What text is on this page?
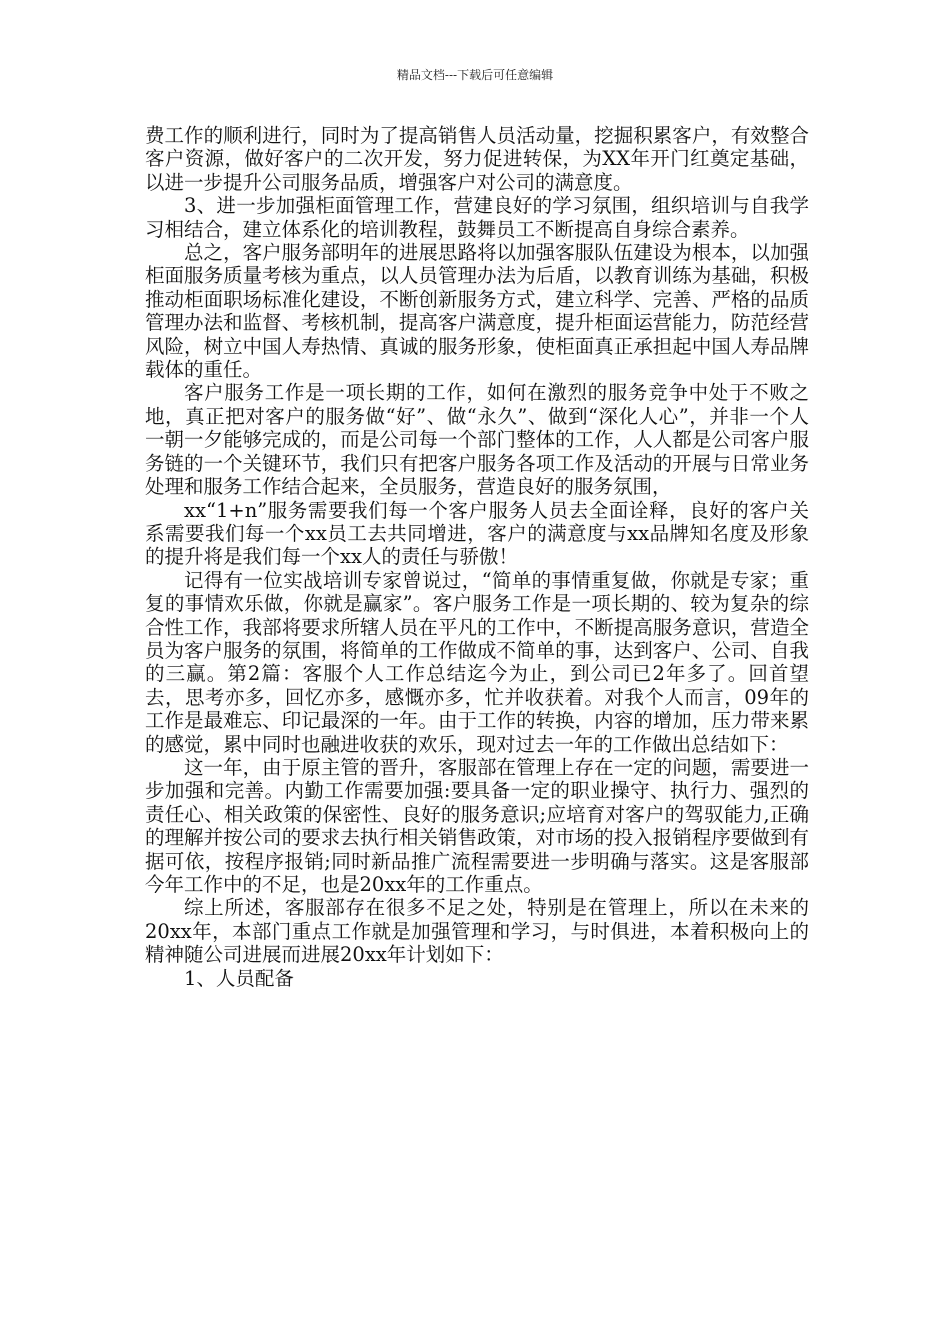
精品文档---下载后可任意编辑

费工作的顺利进行，同时为了提高销售人员活动量，挖掘积累客户，有效整合客户资源，做好客户的二次开发，努力促进转保，为XX年开门红奠定基础，以进一步提升公司服务品质，增强客户对公司的满意度。

3、进一步加强柜面管理工作，营建良好的学习氛围，组织培训与自我学习相结合，建立体系化的培训教程，鼓舞员工不断提高自身综合素养。

总之，客户服务部明年的进展思路将以加强客服队伍建设为根本，以加强柜面服务质量考核为重点，以人员管理办法为后盾，以教育训练为基础，积极推动柜面职场标准化建设，不断创新服务方式，建立科学、完善、严格的品质管理办法和监督、考核机制，提高客户满意度，提升柜面运营能力，防范经营风险，树立中国人寿热情、真诚的服务形象，使柜面真正承担起中国人寿品牌载体的重任。

客户服务工作是一项长期的工作，如何在激烈的服务竞争中处于不败之地，真正把对客户的服务做“好”、做“永久”、做到“深化人心”，并非一个人一朝一夕能够完成的，而是公司每一个部门整体的工作，人人都是公司客户服务链的一个关键环节，我们只有把客户服务各项工作及活动的开展与日常业务处理和服务工作结合起来，全员服务，营造良好的服务氛围，

xx“1+n”服务需要我们每一个客户服务人员去全面诠释，良好的客户关系需要我们每一个xx员工去共同增进，客户的满意度与xx品牌知名度及形象的提升将是我们每一个xx人的责任与骄傲！

记得有一位实战培训专家曾说过，“简单的事情重复做，你就是专家；重复的事情欢乐做，你就是赢家”。客户服务工作是一项长期的、较为复杂的综合性工作，我部将要求所辖人员在平凡的工作中，不断提高服务意识，营造全员为客户服务的氛围，将简单的工作做成不简单的事，达到客户、公司、自我的三赢。第2篇：客服个人工作总结迄今为止，到公司已2年多了。回首望去，思考亦多，回忆亦多，感慨亦多，忙并收获着。对我个人而言，09年的工作是最难忘、印记最深的一年。由于工作的转换，内容的增加，压力带来累的感觉，累中同时也融进收获的欢乐，现对过去一年的工作做出总结如下：

这一年，由于原主管的晋升，客服部在管理上存在一定的问题，需要进一步加强和完善。内勤工作需要加强:要具备一定的职业操守、执行力、强烈的责任心、相关政策的保密性、良好的服务意识;应培育对客户的驾驭能力,正确的理解并按公司的要求去执行相关销售政策，对市场的投入报销程序要做到有据可依，按程序报销;同时新品推广流程需要进一步明确与落实。这是客服部今年工作中的不足，也是20xx年的工作重点。

综上所述，客服部存在很多不足之处，特别是在管理上，所以在未来的20xx年，本部门重点工作就是加强管理和学习，与时俱进，本着积极向上的精神随公司进展而进展20xx年计划如下：

1、人员配备
